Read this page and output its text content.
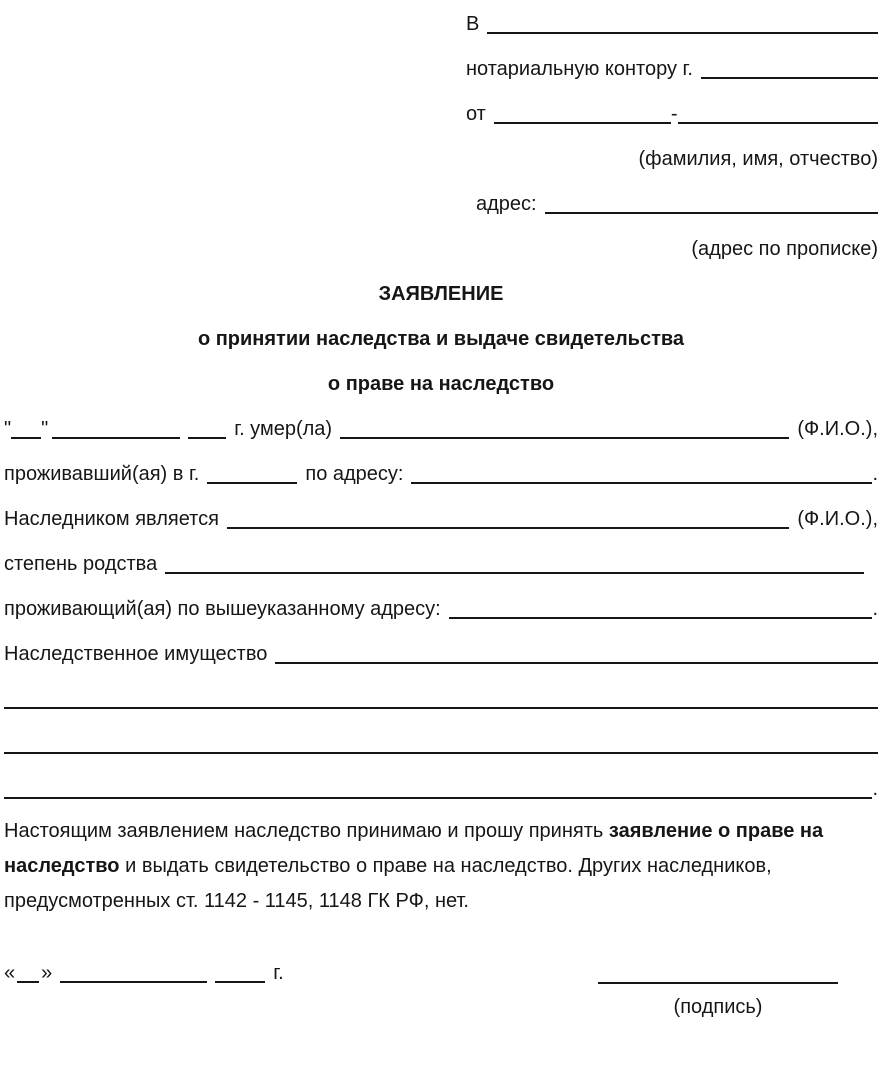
В
нотариальную контору г.
от	-
(фамилия, имя, отчество)
адрес:
(адрес по прописке)
ЗАЯВЛЕНИЕ
о принятии наследства и выдаче свидетельства
о праве на наследство
" "	г. умер(ла)	(Ф.И.О.),
проживавший(ая) в г.	по адресу:	.
Наследником является	(Ф.И.О.),
степень родства
проживающий(ая) по вышеуказанному адресу:	.
Наследственное имущество
.
Настоящим заявлением наследство принимаю и прошу принять заявление о праве на
наследство и выдать свидетельство о праве на наследство. Других наследников,
предусмотренных ст. 1142 - 1145, 1148 ГК РФ, нет.
« »	г.
(подпись)
